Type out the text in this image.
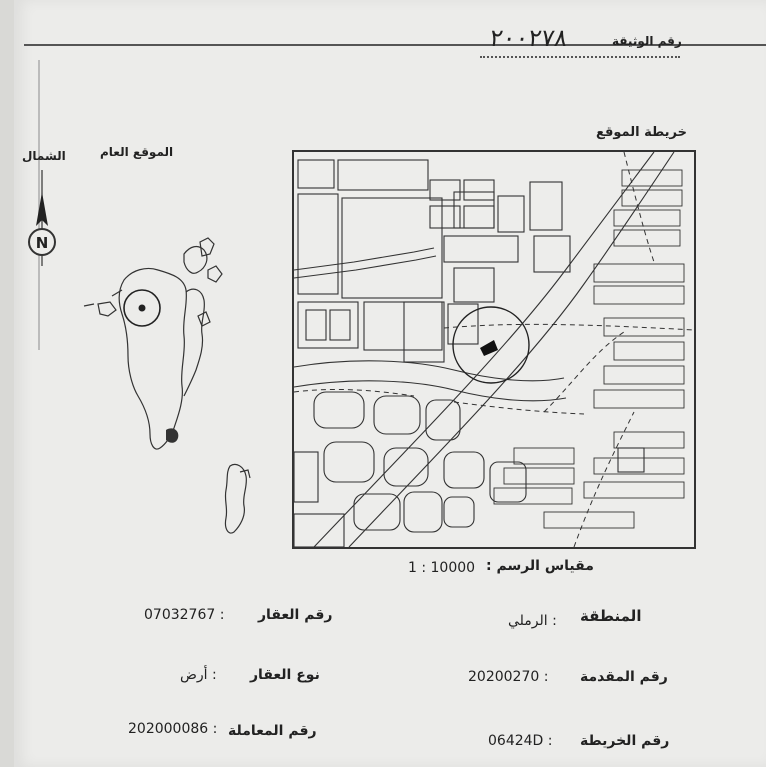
رقم الوثيقة
٢٠٠٢٧٨
خريطة الموقع
الموقع العام
الشمال
N
مقياس الرسم :
1 : 10000
المنطقة
الرملي :
رقم العقار
07032767 :
رقم المقدمة
20200270 :
نوع العقار
أرض :
رقم الخريطة
06424D :
رقم المعاملة
202000086 :
